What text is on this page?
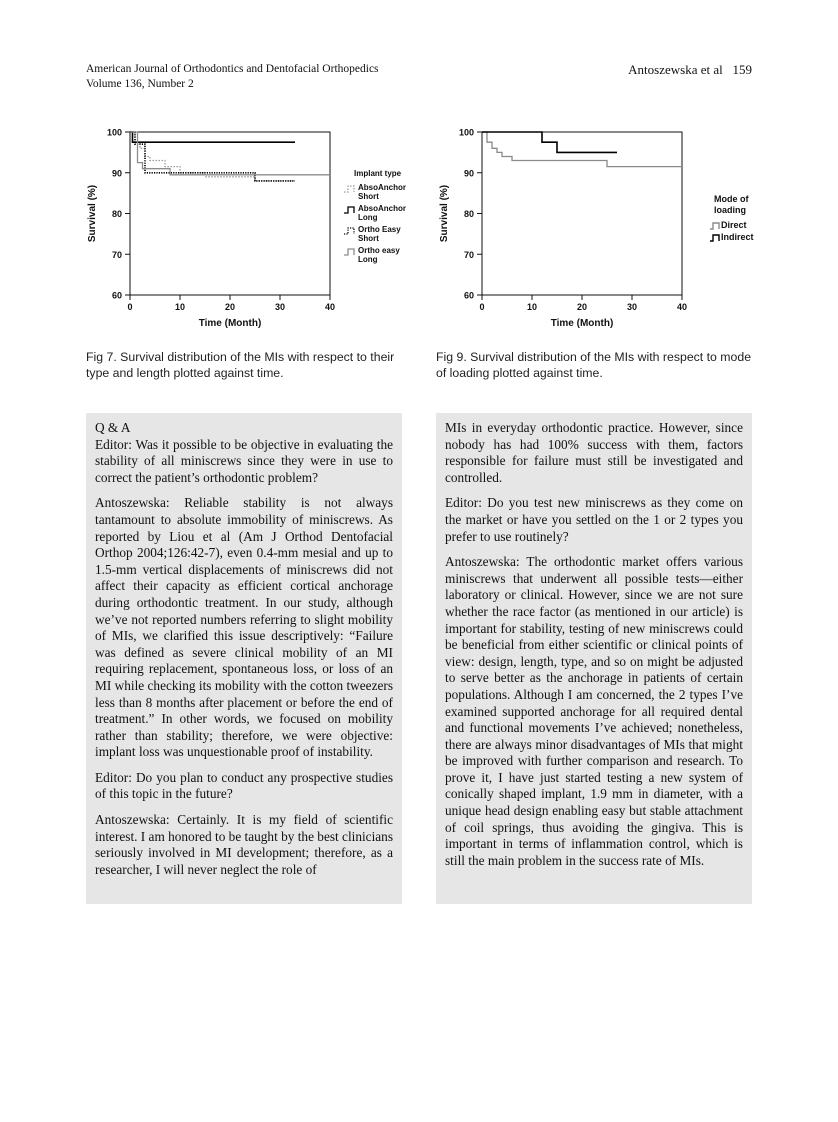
American Journal of Orthodontics and Dentofacial Orthopedics
Volume 136, Number 2
Antoszewska et al 159
60
70
80
90
100
0	10	20	30	40
Time (Month)
Survival (%)
Implant type
AbsoAnchor
Short
AbsoAnchor
Long
Ortho Easy
Short
Ortho easy
Long
Fig 7. Survival distribution of the MIs with respect to their type and length plotted against time.
60
70
80
90
100
0	10	20	30	40
Time (Month)
Survival (%)	Mode of
loading
Direct
Indirect
Fig 9. Survival distribution of the MIs with respect to mode of loading plotted against time.

Q & A

Editor: Was it possible to be objective in evaluating the stability of all miniscrews since they were in use to correct the patient’s orthodontic problem?

Antoszewska: Reliable stability is not always tantamount to absolute immobility of miniscrews. As reported by Liou et al (Am J Orthod Dentofacial Orthop 2004;126:42-7), even 0.4-mm mesial and up to 1.5-mm vertical displacements of miniscrews did not affect their capacity as efficient cortical anchorage during orthodontic treatment. In our study, although we’ve not reported numbers referring to slight mobility of MIs, we clarified this issue descriptively: “Failure was defined as severe clinical mobility of an MI requiring replacement, spontaneous loss, or loss of an MI while checking its mobility with the cotton tweezers less than 8 months after placement or before the end of treatment.” In other words, we focused on mobility rather than stability; therefore, we were objective: implant loss was unquestionable proof of instability.

Editor: Do you plan to conduct any prospective studies of this topic in the future?

Antoszewska: Certainly. It is my field of scientific interest. I am honored to be taught by the best clinicians seriously involved in MI development; therefore, as a researcher, I will never neglect the role of

MIs in everyday orthodontic practice. However, since nobody has had 100% success with them, factors responsible for failure must still be investigated and controlled.

Editor: Do you test new miniscrews as they come on the market or have you settled on the 1 or 2 types you prefer to use routinely?

Antoszewska: The orthodontic market offers various miniscrews that underwent all possible tests—either laboratory or clinical. However, since we are not sure whether the race factor (as mentioned in our article) is important for stability, testing of new miniscrews could be beneficial from either scientific or clinical points of view: design, length, type, and so on might be adjusted to serve better as the anchorage in patients of certain populations. Although I am concerned, the 2 types I’ve examined supported anchorage for all required dental and functional movements I’ve achieved; nonetheless, there are always minor disadvantages of MIs that might be improved with further comparison and research. To prove it, I have just started testing a new system of conically shaped implant, 1.9 mm in diameter, with a unique head design enabling easy but stable attachment of coil springs, thus avoiding the gingiva. This is important in terms of inflammation control, which is still the main problem in the success rate of MIs.
